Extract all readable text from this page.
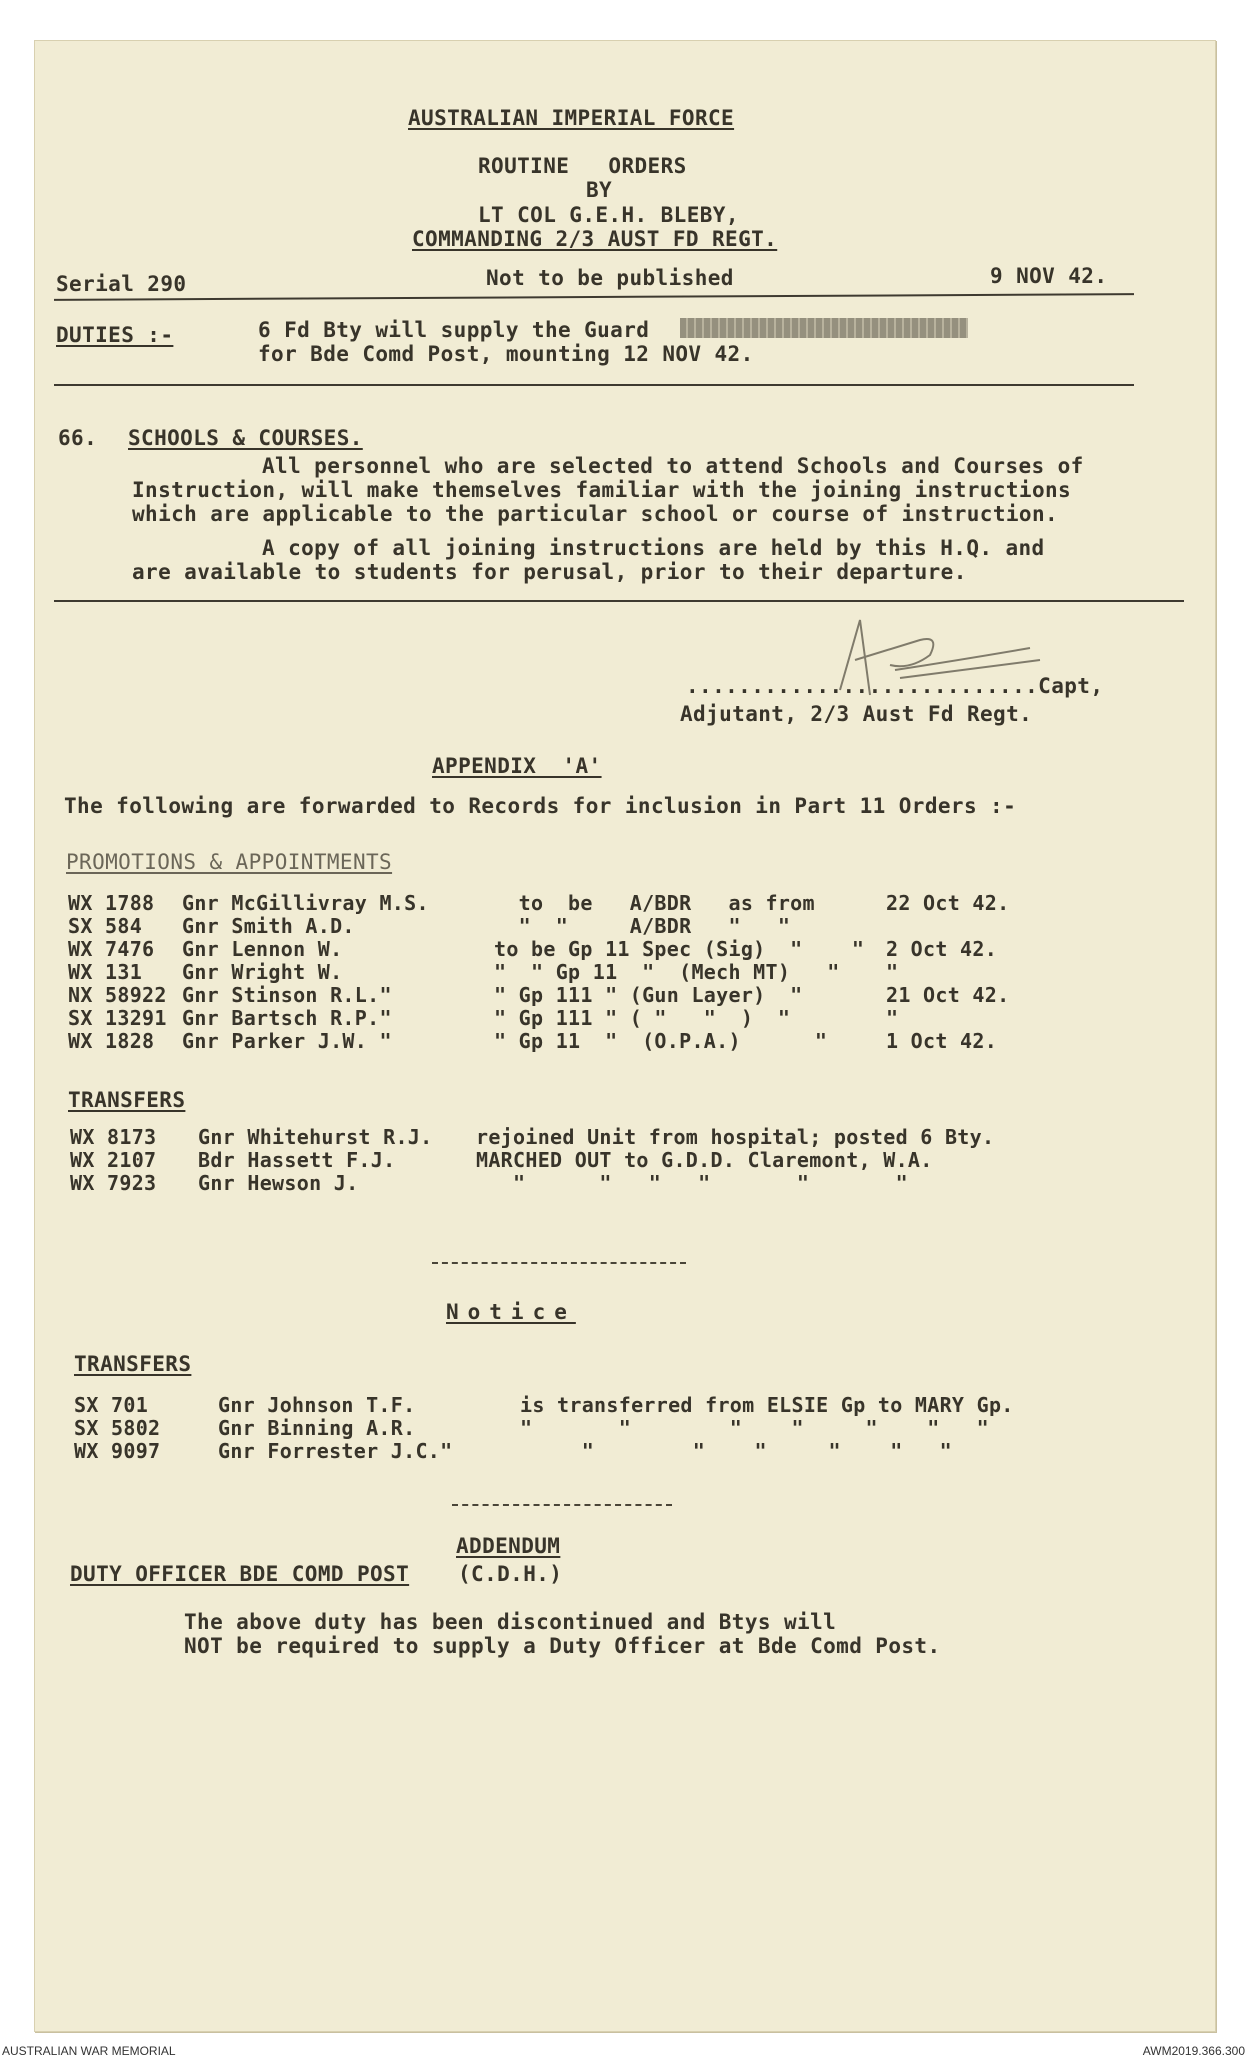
AUSTRALIAN IMPERIAL FORCE
ROUTINE   ORDERS
BY
LT COL G.E.H. BLEBY,
COMMANDING 2/3 AUST FD REGT.
Serial 290	Not to be published	9 NOV 42.
DUTIES :-	6 Fd Bty will supply the Guard
for Bde Comd Post, mounting 12 NOV 42.
66. SCHOOLS & COURSES.
All personnel who are selected to attend Schools and Courses of
Instruction, will make themselves familiar with the joining instructions
which are applicable to the particular school or course of instruction.
A copy of all joining instructions are held by this H.Q. and
are available to students for perusal, prior to their departure.
...........................Capt,
Adjutant, 2/3 Aust Fd Regt.
APPENDIX  'A'
The following are forwarded to Records for inclusion in Part 11 Orders :-
PROMOTIONS & APPOINTMENTS
WX 1788	Gnr McGillivray M.S.	to  be   A/BDR   as from	22 Oct 42.
SX 584	Gnr Smith A.D.	"  "     A/BDR   "   "	
WX 7476	Gnr Lennon W.	to be Gp 11 Spec (Sig)  "    "	2 Oct 42.
WX 131	Gnr Wright W.	"  " Gp 11  "  (Mech MT)   "	"
NX 58922	Gnr Stinson R.L."	" Gp 111 " (Gun Layer)  "	21 Oct 42.
SX 13291	Gnr Bartsch R.P."	" Gp 111 " ( "   "  )  "	"
WX 1828	Gnr Parker J.W. "	" Gp 11  "  (O.P.A.)      "	1 Oct 42.
TRANSFERS
WX 8173	Gnr Whitehurst R.J.	rejoined Unit from hospital; posted 6 Bty.
WX 2107	Bdr Hassett F.J.	MARCHED OUT to G.D.D. Claremont, W.A.
WX 7923	Gnr Hewson J.	"      "   "   "       "       "
Notice
TRANSFERS
SX 701	Gnr Johnson T.F.	is transferred from ELSIE Gp to MARY Gp.
SX 5802	Gnr Binning A.R.	"       "        "    "     "    "   "
WX 9097	Gnr Forrester J.C."	"        "    "     "    "   "
ADDENDUM
DUTY OFFICER BDE COMD POST (C.D.H.)
The above duty has been discontinued and Btys will
NOT be required to supply a Duty Officer at Bde Comd Post.
AUSTRALIAN WAR MEMORIAL	AWM2019.366.300
